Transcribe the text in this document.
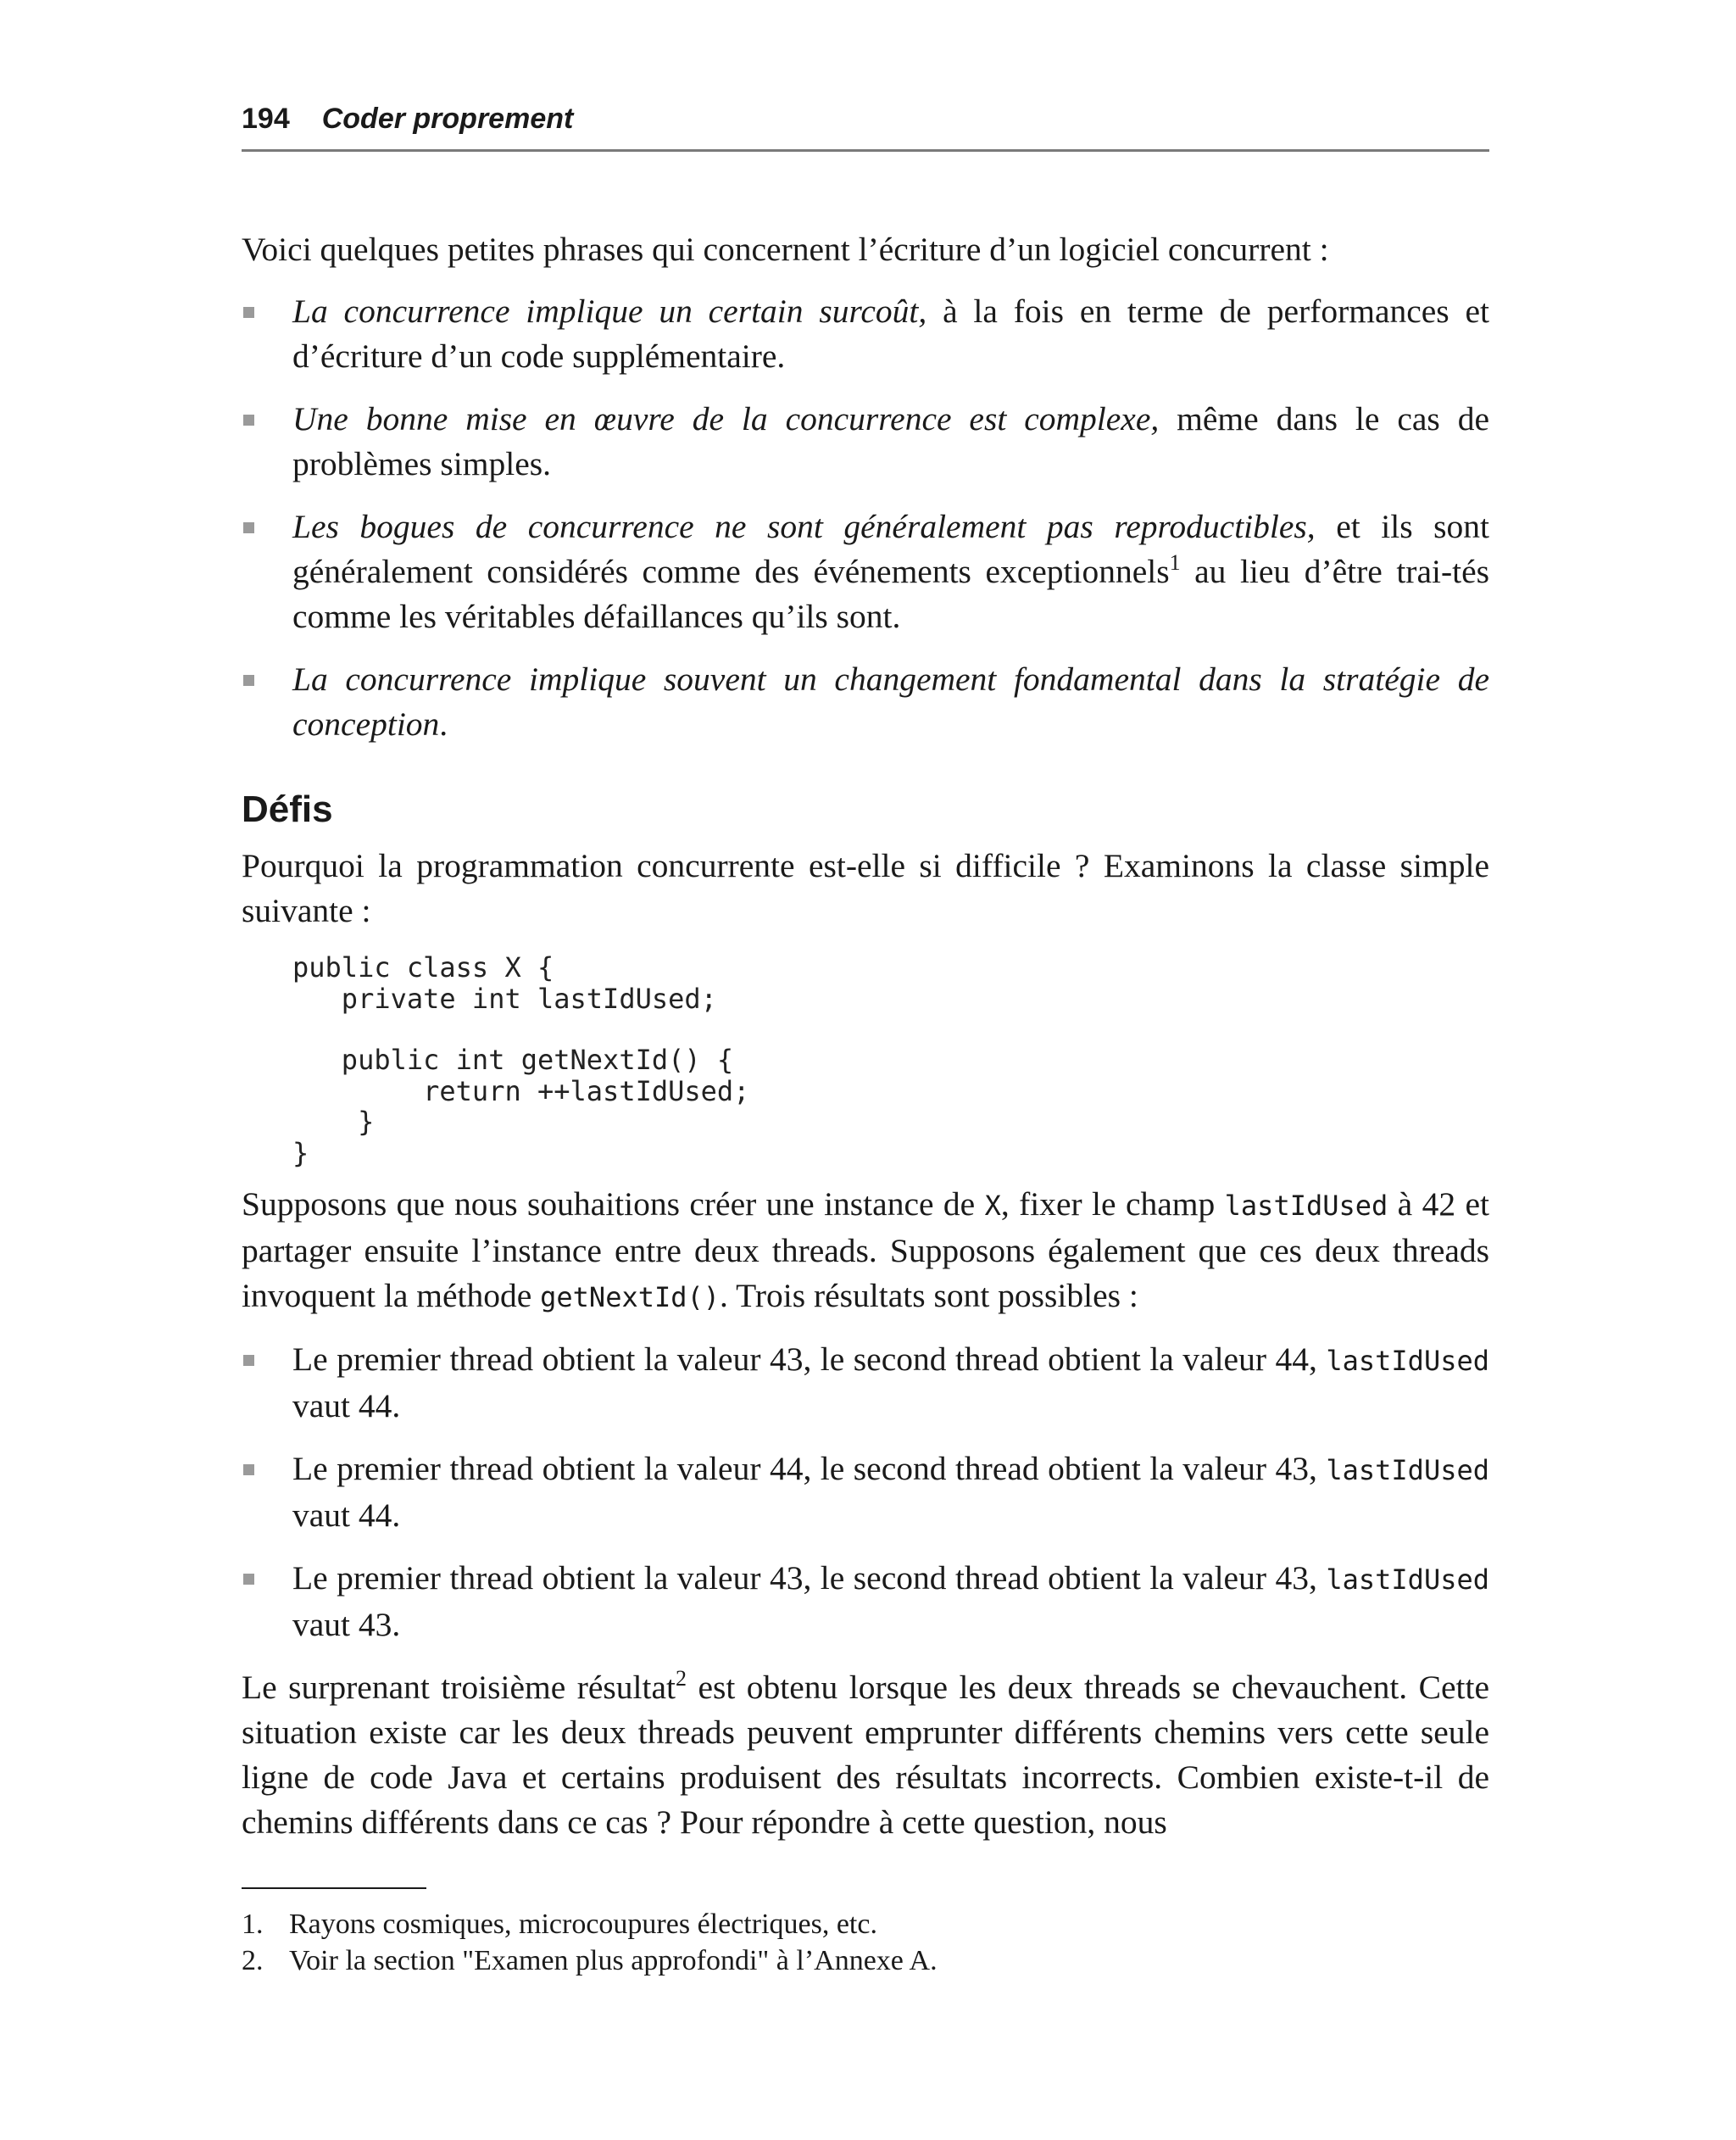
194 Coder proprement

Voici quelques petites phrases qui concernent l’écriture d’un logiciel concurrent :

La concurrence implique un certain surcoût, à la fois en terme de performances et d’écriture d’un code supplémentaire.
Une bonne mise en œuvre de la concurrence est complexe, même dans le cas de problèmes simples.
Les bogues de concurrence ne sont généralement pas reproductibles, et ils sont généralement considérés comme des événements exceptionnels$^1$ au lieu d’être trai-tés comme les véritables défaillances qu’ils sont.
La concurrence implique souvent un changement fondamental dans la stratégie de conception.
Défis

Pourquoi la programmation concurrente est-elle si difficile ? Examinons la classe simple suivante :

public class X {
private int lastIdUsed;
public int getNextId() {
return ++lastIdUsed;
}
}

Supposons que nous souhaitions créer une instance de X, fixer le champ lastIdUsed à 42 et partager ensuite l’instance entre deux threads. Supposons également que ces deux threads invoquent la méthode getNextId(). Trois résultats sont possibles :

Le premier thread obtient la valeur 43, le second thread obtient la valeur 44, lastIdUsed vaut 44.
Le premier thread obtient la valeur 44, le second thread obtient la valeur 43, lastIdUsed vaut 44.
Le premier thread obtient la valeur 43, le second thread obtient la valeur 43, lastIdUsed vaut 43.

Le surprenant troisième résultat$^2$ est obtenu lorsque les deux threads se chevauchent. Cette situation existe car les deux threads peuvent emprunter différents chemins vers cette seule ligne de code Java et certains produisent des résultats incorrects. Combien existe-t-il de chemins différents dans ce cas ? Pour répondre à cette question, nous

1. Rayons cosmiques, microcoupures électriques, etc.
2. Voir la section "Examen plus approfondi" à l’Annexe A.
